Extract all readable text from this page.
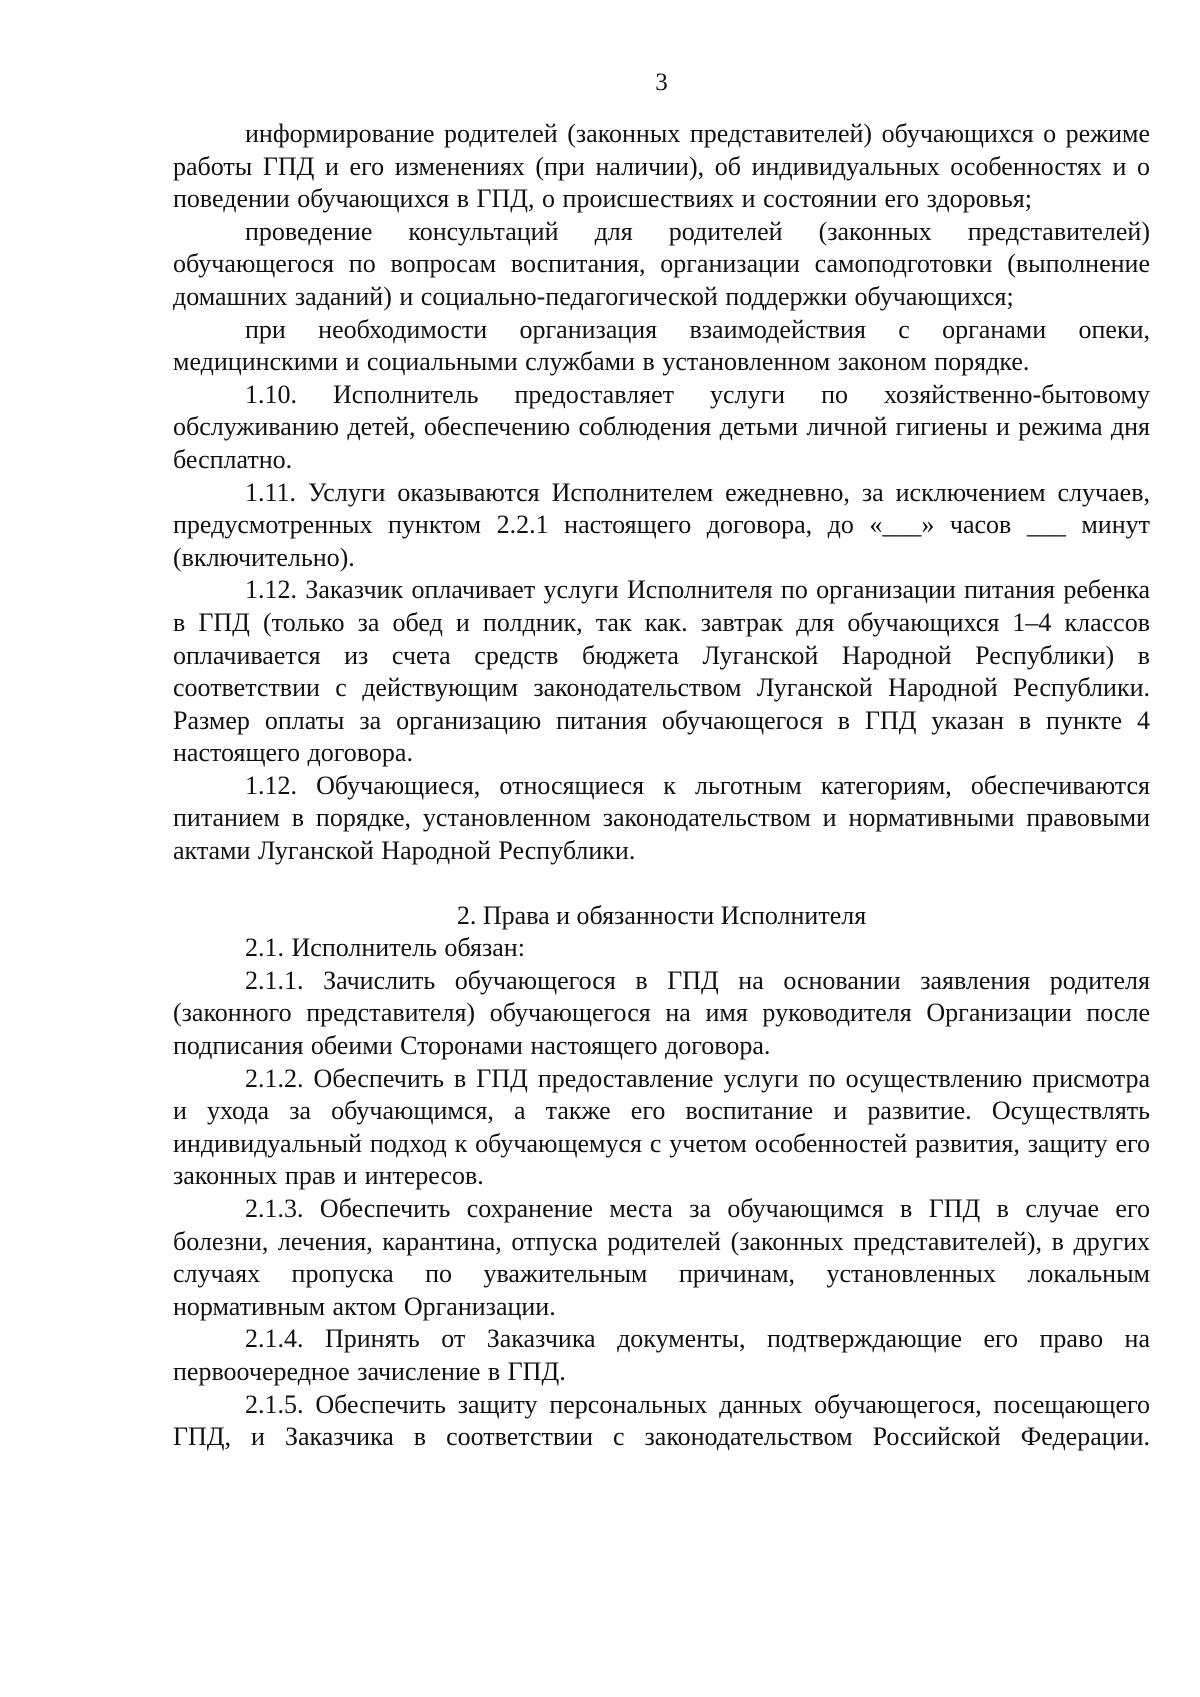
3

информирование родителей (законных представителей) обучающихся о режиме работы ГПД и его изменениях (при наличии), об индивидуальных особенностях и о поведении обучающихся в ГПД, о происшествиях и состоянии его здоровья;

проведение консультаций для родителей (законных представителей) обучающегося по вопросам воспитания, организации самоподготовки (выполнение домашних заданий) и социально-педагогической поддержки обучающихся;

при необходимости организация взаимодействия с органами опеки, медицинскими и социальными службами в установленном законом порядке.

1.10. Исполнитель предоставляет услуги по хозяйственно-бытовому обслуживанию детей, обеспечению соблюдения детьми личной гигиены и режима дня бесплатно.

1.11. Услуги оказываются Исполнителем ежедневно, за исключением случаев, предусмотренных пунктом 2.2.1 настоящего договора, до «___» часов ___ минут (включительно).

1.12. Заказчик оплачивает услуги Исполнителя по организации питания ребенка в ГПД (только за обед и полдник, так как. завтрак для обучающихся 1–4 классов оплачивается из счета средств бюджета Луганской Народной Республики) в соответствии с действующим законодательством Луганской Народной Республики. Размер оплаты за организацию питания обучающегося в ГПД указан в пункте 4 настоящего договора.

1.12. Обучающиеся, относящиеся к льготным категориям, обеспечиваются питанием в порядке, установленном законодательством и нормативными правовыми актами Луганской Народной Республики.

2. Права и обязанности Исполнителя

2.1. Исполнитель обязан:

2.1.1. Зачислить обучающегося в ГПД на основании заявления родителя (законного представителя) обучающегося на имя руководителя Организации после подписания обеими Сторонами настоящего договора.

2.1.2. Обеспечить в ГПД предоставление услуги по осуществлению присмотра и ухода за обучающимся, а также его воспитание и развитие. Осуществлять индивидуальный подход к обучающемуся с учетом особенностей развития, защиту его законных прав и интересов.

2.1.3. Обеспечить сохранение места за обучающимся в ГПД в случае его болезни, лечения, карантина, отпуска родителей (законных представителей), в других случаях пропуска по уважительным причинам, установленных локальным нормативным актом Организации.

2.1.4. Принять от Заказчика документы, подтверждающие его право на первоочередное зачисление в ГПД.

2.1.5. Обеспечить защиту персональных данных обучающегося, посещающего ГПД, и Заказчика в соответствии с законодательством Российской Федерации.
